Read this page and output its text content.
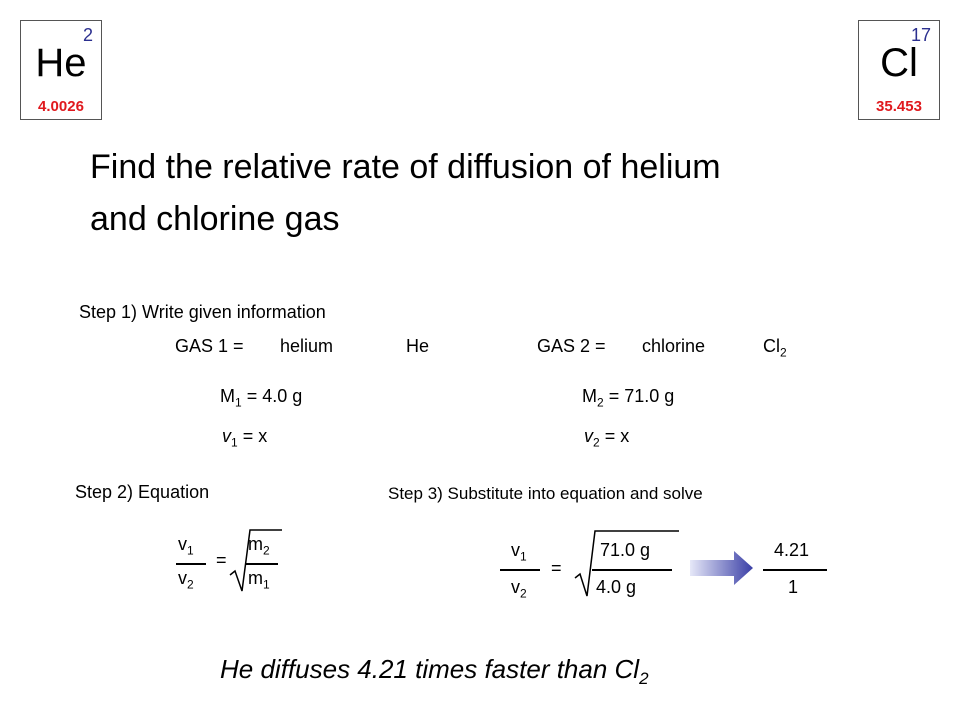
2
He
4.0026
17
Cl
35.453
Find the relative rate of diffusion of helium
and chlorine gas
Step 1) Write given information
GAS 1 = helium	He	GAS 2 = chlorine	$Cl_2$
$M_1 = 4.0$ g
$v_1 = x$
$M_2 = 71.0$ g
$v_2 = x$
Step 2) Equation
$v_1$
$v_2$
=
$m_2$
$m_1$
Step 3) Substitute into equation and solve
$v_1$
$v_2$
=
71.0 g
4.0 g
4.21
1
He diffuses 4.21 times faster than $Cl_2$
